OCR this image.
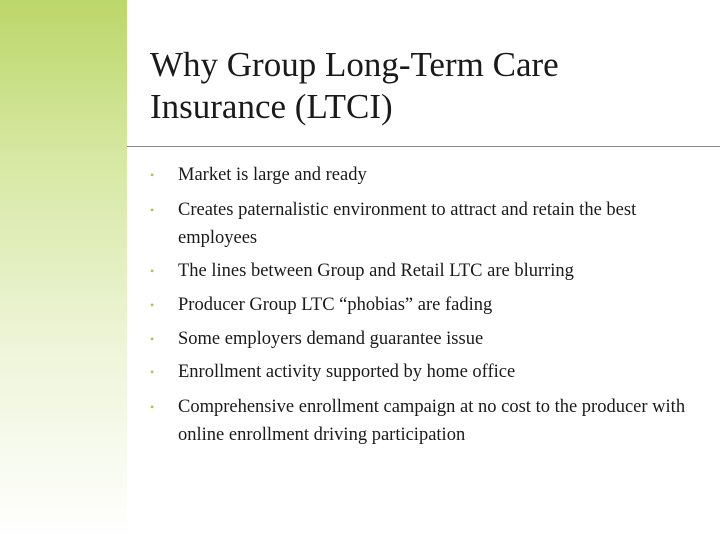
Why Group Long-Term Care Insurance (LTCI)
• Market is large and ready
• Creates paternalistic environment to attract and retain the best employees
• The lines between Group and Retail LTC are blurring
• Producer Group LTC “phobias” are fading
• Some employers demand guarantee issue
• Enrollment activity supported by home office
• Comprehensive enrollment campaign at no cost to the producer with online enrollment driving participation
